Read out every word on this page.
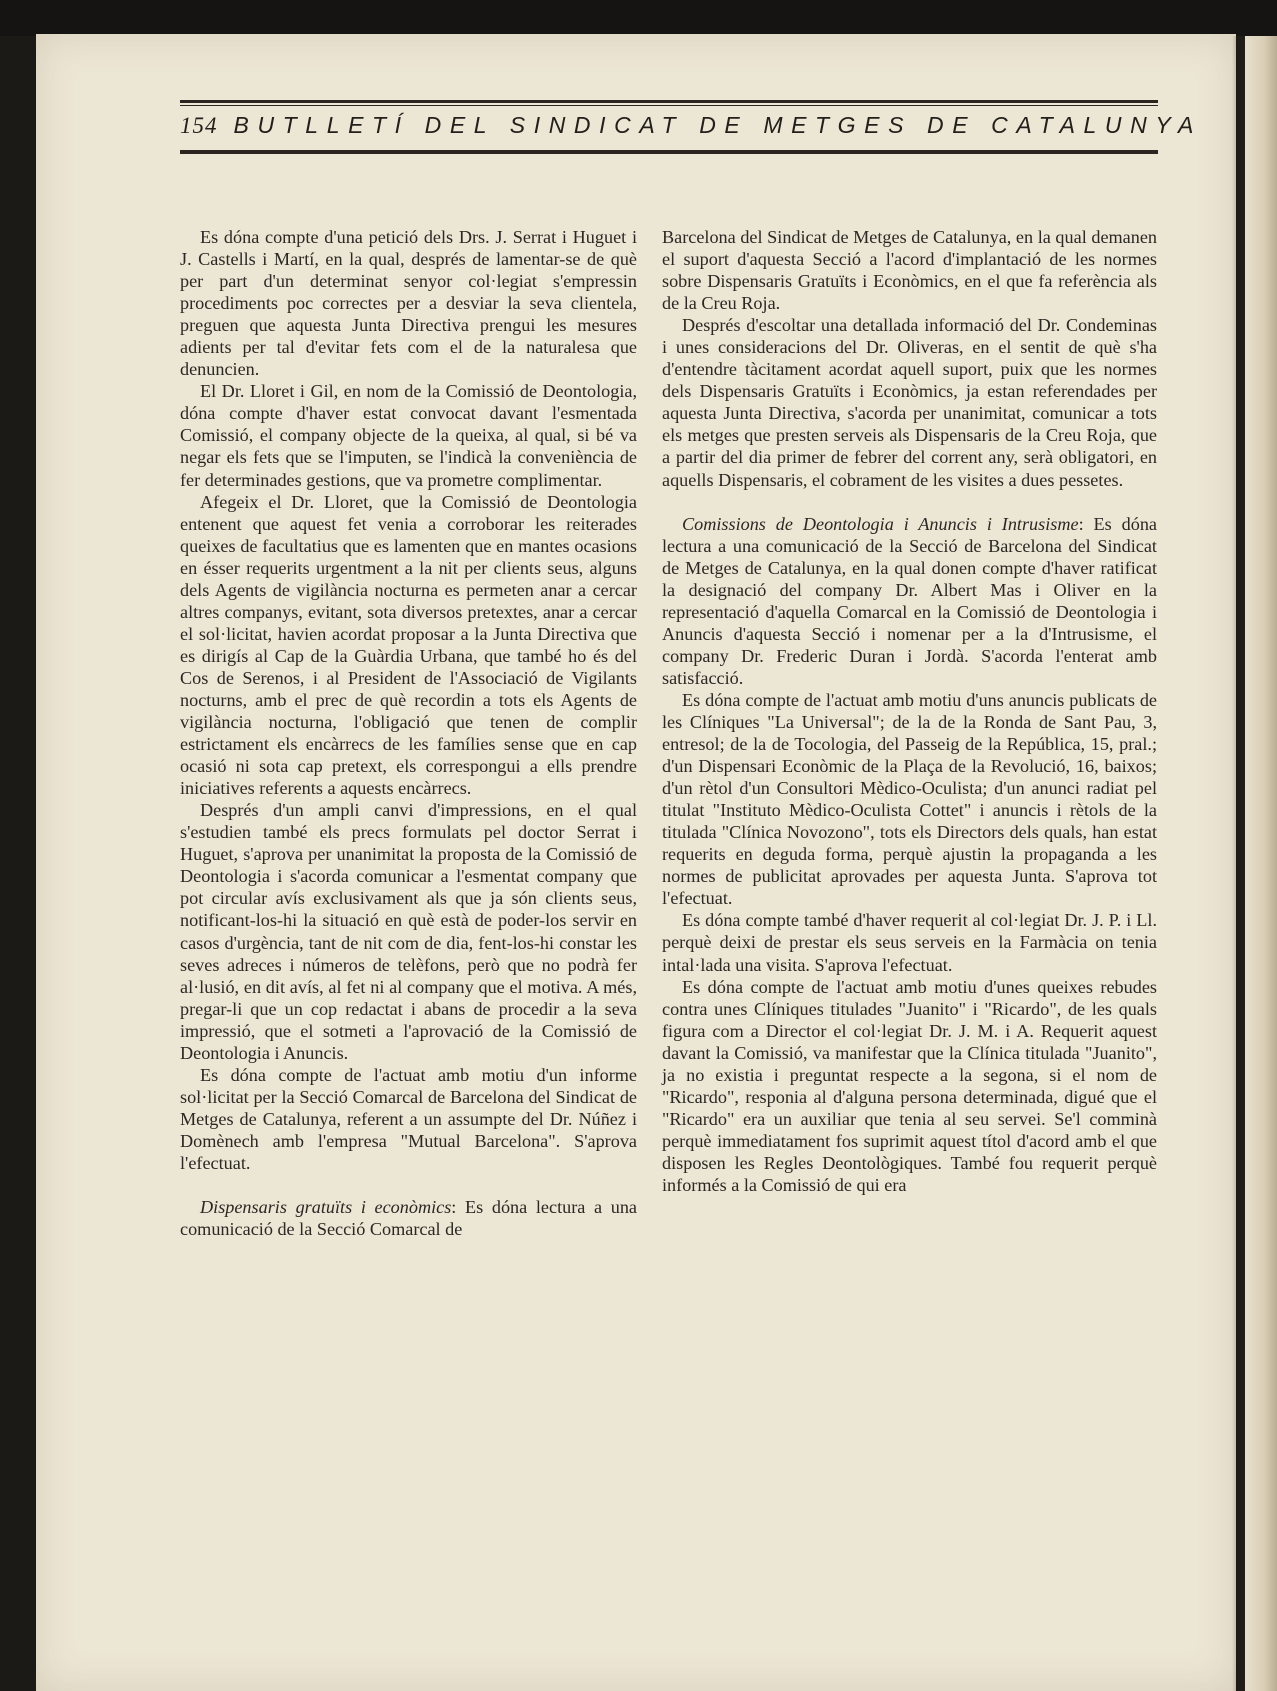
154 BUTLLETÍ DEL SINDICAT DE METGES DE CATALUNYA

Es dóna compte d'una petició dels Drs. J. Serrat i Huguet i J. Castells i Martí, en la qual, després de lamentar-se de què per part d'un determinat senyor col·legiat s'empressin procediments poc correctes per a desviar la seva clientela, preguen que aquesta Junta Directiva prengui les mesures adients per tal d'evitar fets com el de la naturalesa que denuncien.

El Dr. Lloret i Gil, en nom de la Comissió de Deontologia, dóna compte d'haver estat convocat davant l'esmentada Comissió, el company objecte de la queixa, al qual, si bé va negar els fets que se l'imputen, se l'indicà la conveniència de fer determinades gestions, que va prometre complimentar.

Afegeix el Dr. Lloret, que la Comissió de Deontologia entenent que aquest fet venia a corroborar les reiterades queixes de facultatius que es lamenten que en mantes ocasions en ésser requerits urgentment a la nit per clients seus, alguns dels Agents de vigilància nocturna es permeten anar a cercar altres companys, evitant, sota diversos pretextes, anar a cercar el sol·licitat, havien acordat proposar a la Junta Directiva que es dirigís al Cap de la Guàrdia Urbana, que també ho és del Cos de Serenos, i al President de l'Associació de Vigilants nocturns, amb el prec de què recordin a tots els Agents de vigilància nocturna, l'obligació que tenen de complir estrictament els encàrrecs de les famílies sense que en cap ocasió ni sota cap pretext, els correspongui a ells prendre iniciatives referents a aquests encàrrecs.

Després d'un ampli canvi d'impressions, en el qual s'estudien també els precs formulats pel doctor Serrat i Huguet, s'aprova per unanimitat la proposta de la Comissió de Deontologia i s'acorda comunicar a l'esmentat company que pot circular avís exclusivament als que ja són clients seus, notificant-los-hi la situació en què està de poder-los servir en casos d'urgència, tant de nit com de dia, fent-los-hi constar les seves adreces i números de telèfons, però que no podrà fer al·lusió, en dit avís, al fet ni al company que el motiva. A més, pregar-li que un cop redactat i abans de procedir a la seva impressió, que el sotmeti a l'aprovació de la Comissió de Deontologia i Anuncis.

Es dóna compte de l'actuat amb motiu d'un informe sol·licitat per la Secció Comarcal de Barcelona del Sindicat de Metges de Catalunya, referent a un assumpte del Dr. Núñez i Domènech amb l'empresa "Mutual Barcelona". S'aprova l'efectuat.

Dispensaris gratuïts i econòmics: Es dóna lectura a una comunicació de la Secció Comarcal de

Barcelona del Sindicat de Metges de Catalunya, en la qual demanen el suport d'aquesta Secció a l'acord d'implantació de les normes sobre Dispensaris Gratuïts i Econòmics, en el que fa referència als de la Creu Roja.

Després d'escoltar una detallada informació del Dr. Condeminas i unes consideracions del Dr. Oliveras, en el sentit de què s'ha d'entendre tàcitament acordat aquell suport, puix que les normes dels Dispensaris Gratuïts i Econòmics, ja estan referendades per aquesta Junta Directiva, s'acorda per unanimitat, comunicar a tots els metges que presten serveis als Dispensaris de la Creu Roja, que a partir del dia primer de febrer del corrent any, serà obligatori, en aquells Dispensaris, el cobrament de les visites a dues pessetes.

Comissions de Deontologia i Anuncis i Intrusisme: Es dóna lectura a una comunicació de la Secció de Barcelona del Sindicat de Metges de Catalunya, en la qual donen compte d'haver ratificat la designació del company Dr. Albert Mas i Oliver en la representació d'aquella Comarcal en la Comissió de Deontologia i Anuncis d'aquesta Secció i nomenar per a la d'Intrusisme, el company Dr. Frederic Duran i Jordà. S'acorda l'enterat amb satisfacció.

Es dóna compte de l'actuat amb motiu d'uns anuncis publicats de les Clíniques "La Universal"; de la de la Ronda de Sant Pau, 3, entresol; de la de Tocologia, del Passeig de la República, 15, pral.; d'un Dispensari Econòmic de la Plaça de la Revolució, 16, baixos; d'un rètol d'un Consultori Mèdico-Oculista; d'un anunci radiat pel titulat "Instituto Mèdico-Oculista Cottet" i anuncis i rètols de la titulada "Clínica Novozono", tots els Directors dels quals, han estat requerits en deguda forma, perquè ajustin la propaganda a les normes de publicitat aprovades per aquesta Junta. S'aprova tot l'efectuat.

Es dóna compte també d'haver requerit al col·legiat Dr. J. P. i Ll. perquè deixi de prestar els seus serveis en la Farmàcia on tenia intal·lada una visita. S'aprova l'efectuat.

Es dóna compte de l'actuat amb motiu d'unes queixes rebudes contra unes Clíniques titulades "Juanito" i "Ricardo", de les quals figura com a Director el col·legiat Dr. J. M. i A. Requerit aquest davant la Comissió, va manifestar que la Clínica titulada "Juanito", ja no existia i preguntat respecte a la segona, si el nom de "Ricardo", responia al d'alguna persona determinada, digué que el "Ricardo" era un auxiliar que tenia al seu servei. Se'l comminà perquè immediatament fos suprimit aquest títol d'acord amb el que disposen les Regles Deontològiques. També fou requerit perquè informés a la Comissió de qui era
